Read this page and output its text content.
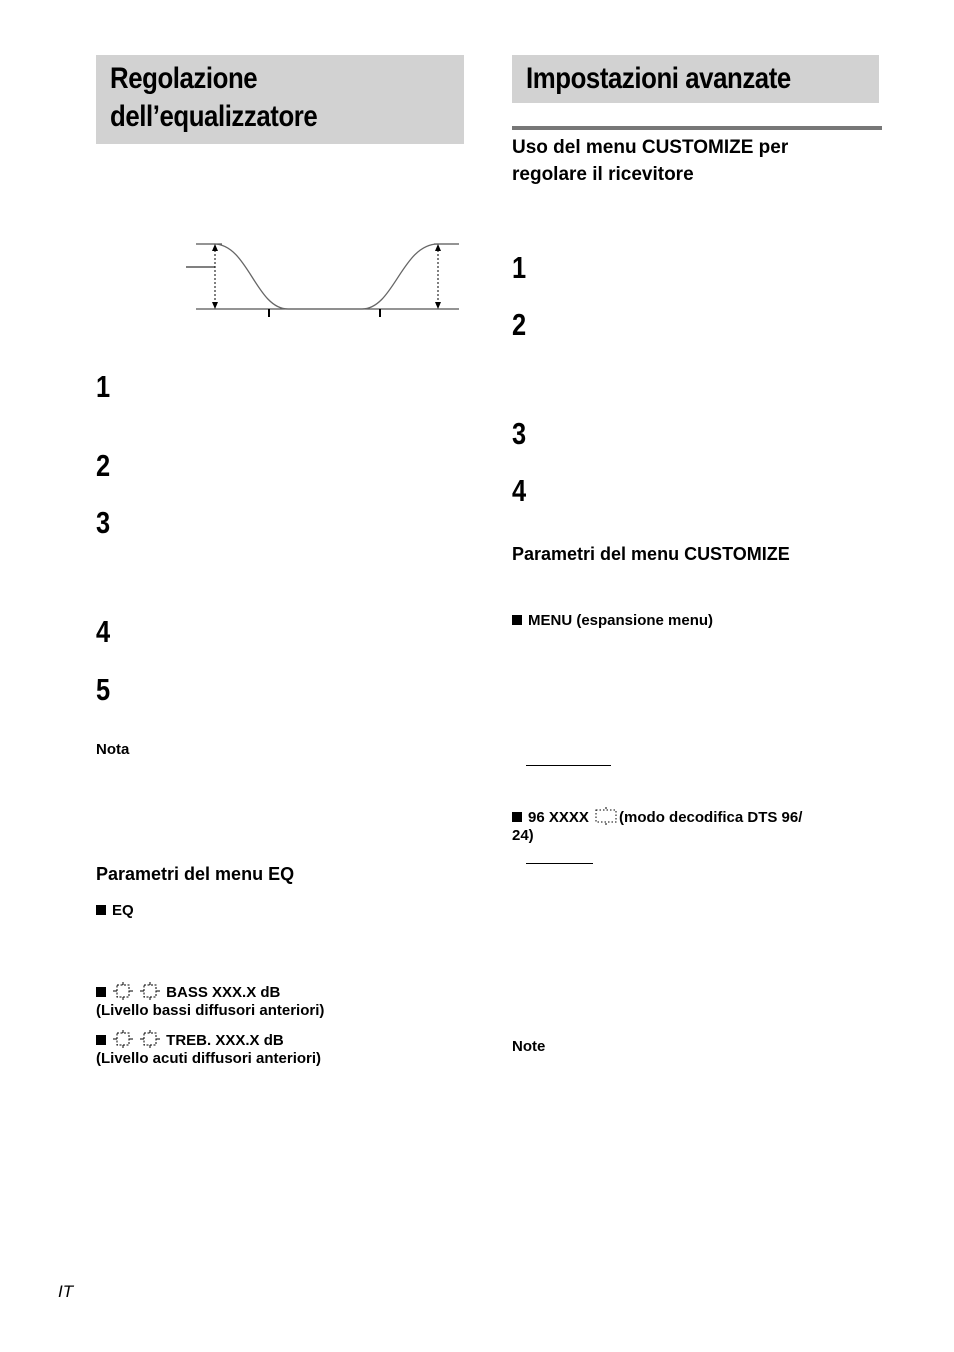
Regolazione
dell’equalizzatore
1
2
3
4
5
Nota
Parametri del menu EQ
EQ
BASS XXX.X dB
(Livello bassi diffusori anteriori)
TREB. XXX.X dB
(Livello acuti diffusori anteriori)
Impostazioni avanzate
Uso del menu CUSTOMIZE per
regolare il ricevitore
1
2
3
4
Parametri del menu CUSTOMIZE
MENU (espansione menu)
96 XXXX (modo decodifica DTS 96/
24)
Note
IT
